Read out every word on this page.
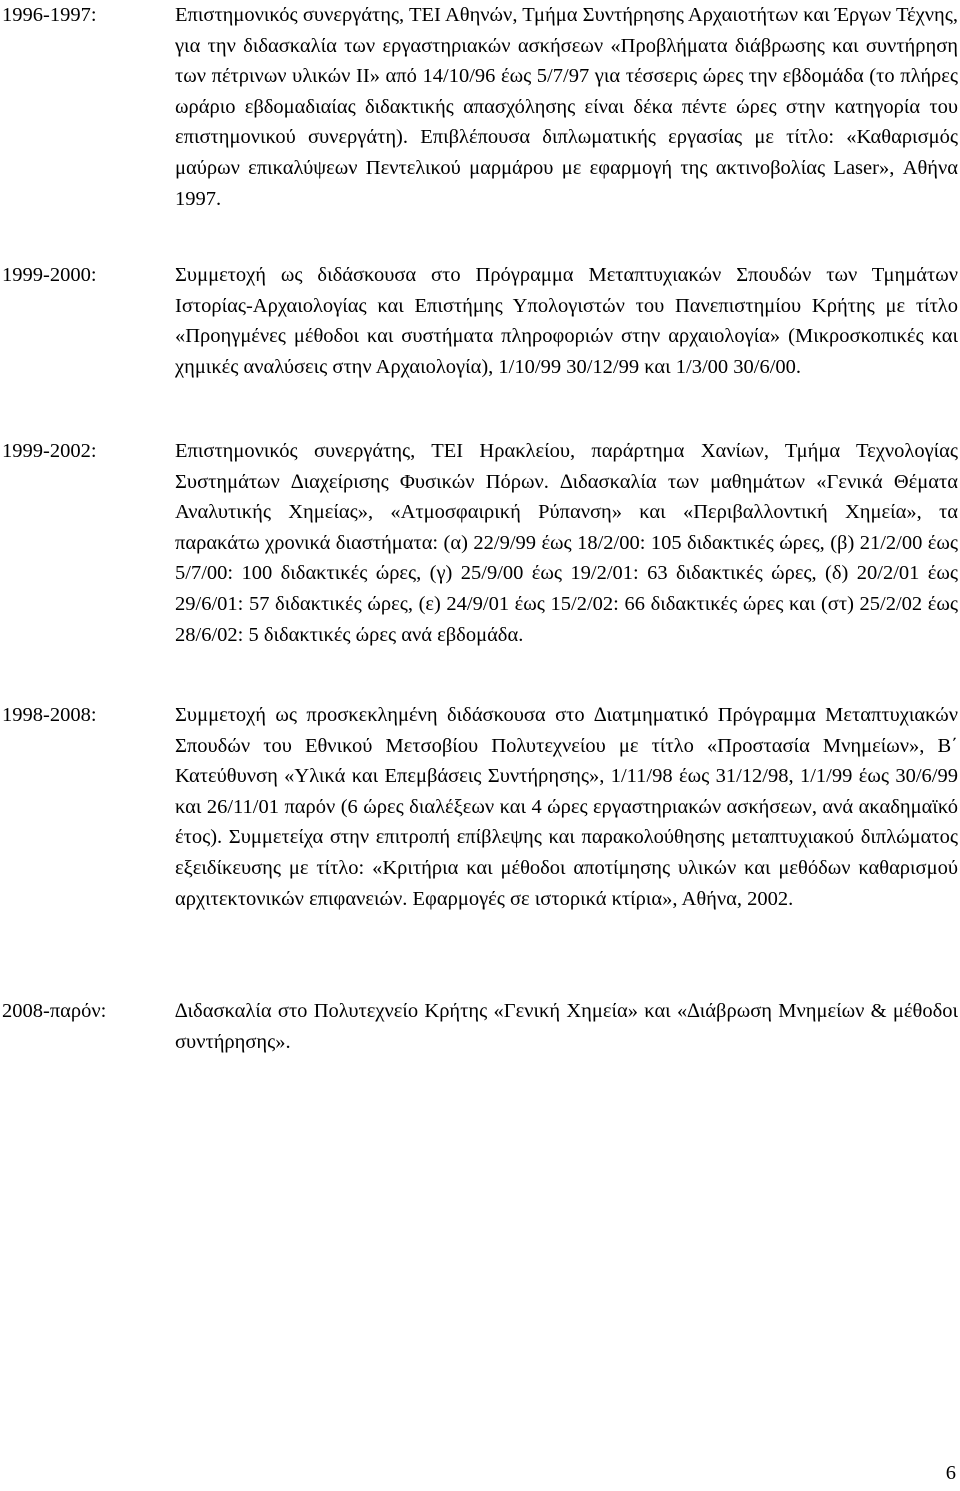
1996-1997:	Επιστημονικός συνεργάτης, ΤΕΙ Αθηνών, Τμήμα Συντήρησης Αρχαιοτήτων και Έργων Τέχνης, για την διδασκαλία των εργαστηριακών ασκήσεων «Προβλήματα διάβρωσης και συντήρηση των πέτρινων υλικών ΙΙ» από 14/10/96 έως 5/7/97 για τέσσερις ώρες την εβδομάδα (το πλήρες ωράριο εβδομαδιαίας διδακτικής απασχόλησης είναι δέκα πέντε ώρες στην κατηγορία του επιστημονικού συνεργάτη). Επιβλέπουσα διπλωματικής εργασίας με τίτλο: «Καθαρισμός μαύρων επικαλύψεων Πεντελικού μαρμάρου με εφαρμογή της ακτινοβολίας Laser», Αθήνα 1997.

1999-2000:	Συμμετοχή ως διδάσκουσα στο Πρόγραμμα Μεταπτυχιακών Σπουδών των Τμημάτων Ιστορίας-Αρχαιολογίας και Επιστήμης Υπολογιστών του Πανεπιστημίου Κρήτης με τίτλο «Προηγμένες μέθοδοι και συστήματα πληροφοριών στην αρχαιολογία» (Μικροσκοπικές και χημικές αναλύσεις στην Αρχαιολογία), 1/10/99 30/12/99 και 1/3/00 30/6/00.

1999-2002:	Επιστημονικός συνεργάτης, ΤΕΙ Ηρακλείου, παράρτημα Χανίων, Τμήμα Τεχνολογίας Συστημάτων ∆ιαχείρισης Φυσικών Πόρων. ∆ιδασκαλία των μαθημάτων «Γενικά Θέματα Αναλυτικής Χημείας», «Ατμοσφαιρική Ρύπανση» και «Περιβαλλοντική Χημεία», τα παρακάτω χρονικά διαστήματα: (α) 22/9/99 έως 18/2/00: 105 διδακτικές ώρες, (β) 21/2/00 έως 5/7/00: 100 διδακτικές ώρες, (γ) 25/9/00 έως 19/2/01: 63 διδακτικές ώρες, (δ) 20/2/01 έως 29/6/01: 57 διδακτικές ώρες, (ε) 24/9/01 έως 15/2/02: 66 διδακτικές ώρες και (στ) 25/2/02 έως 28/6/02: 5 διδακτικές ώρες ανά εβδομάδα.

1998-2008:	Συμμετοχή ως προσκεκλημένη διδάσκουσα στο ∆ιατμηματικό Πρόγραμμα Μεταπτυχιακών Σπουδών του Εθνικού Μετσοβίου Πολυτεχνείου με τίτλο «Προστασία Μνημείων», Β΄ Κατεύθυνση «Υλικά και Επεμβάσεις Συντήρησης», 1/11/98 έως 31/12/98, 1/1/99 έως 30/6/99 και 26/11/01 παρόν (6 ώρες διαλέξεων και 4 ώρες εργαστηριακών ασκήσεων, ανά ακαδημαϊκό έτος). Συμμετείχα στην επιτροπή επίβλεψης και παρακολούθησης μεταπτυχιακού διπλώματος εξειδίκευσης με τίτλο: «Κριτήρια και μέθοδοι αποτίμησης υλικών και μεθόδων καθαρισμού αρχιτεκτονικών επιφανειών. Εφαρμογές σε ιστορικά κτίρια», Αθήνα, 2002.

2008-παρόν:	∆ιδασκαλία στο Πολυτεχνείο Κρήτης «Γενική Χημεία» και «∆ιάβρωση Μνημείων & μέθοδοι συντήρησης».

6
